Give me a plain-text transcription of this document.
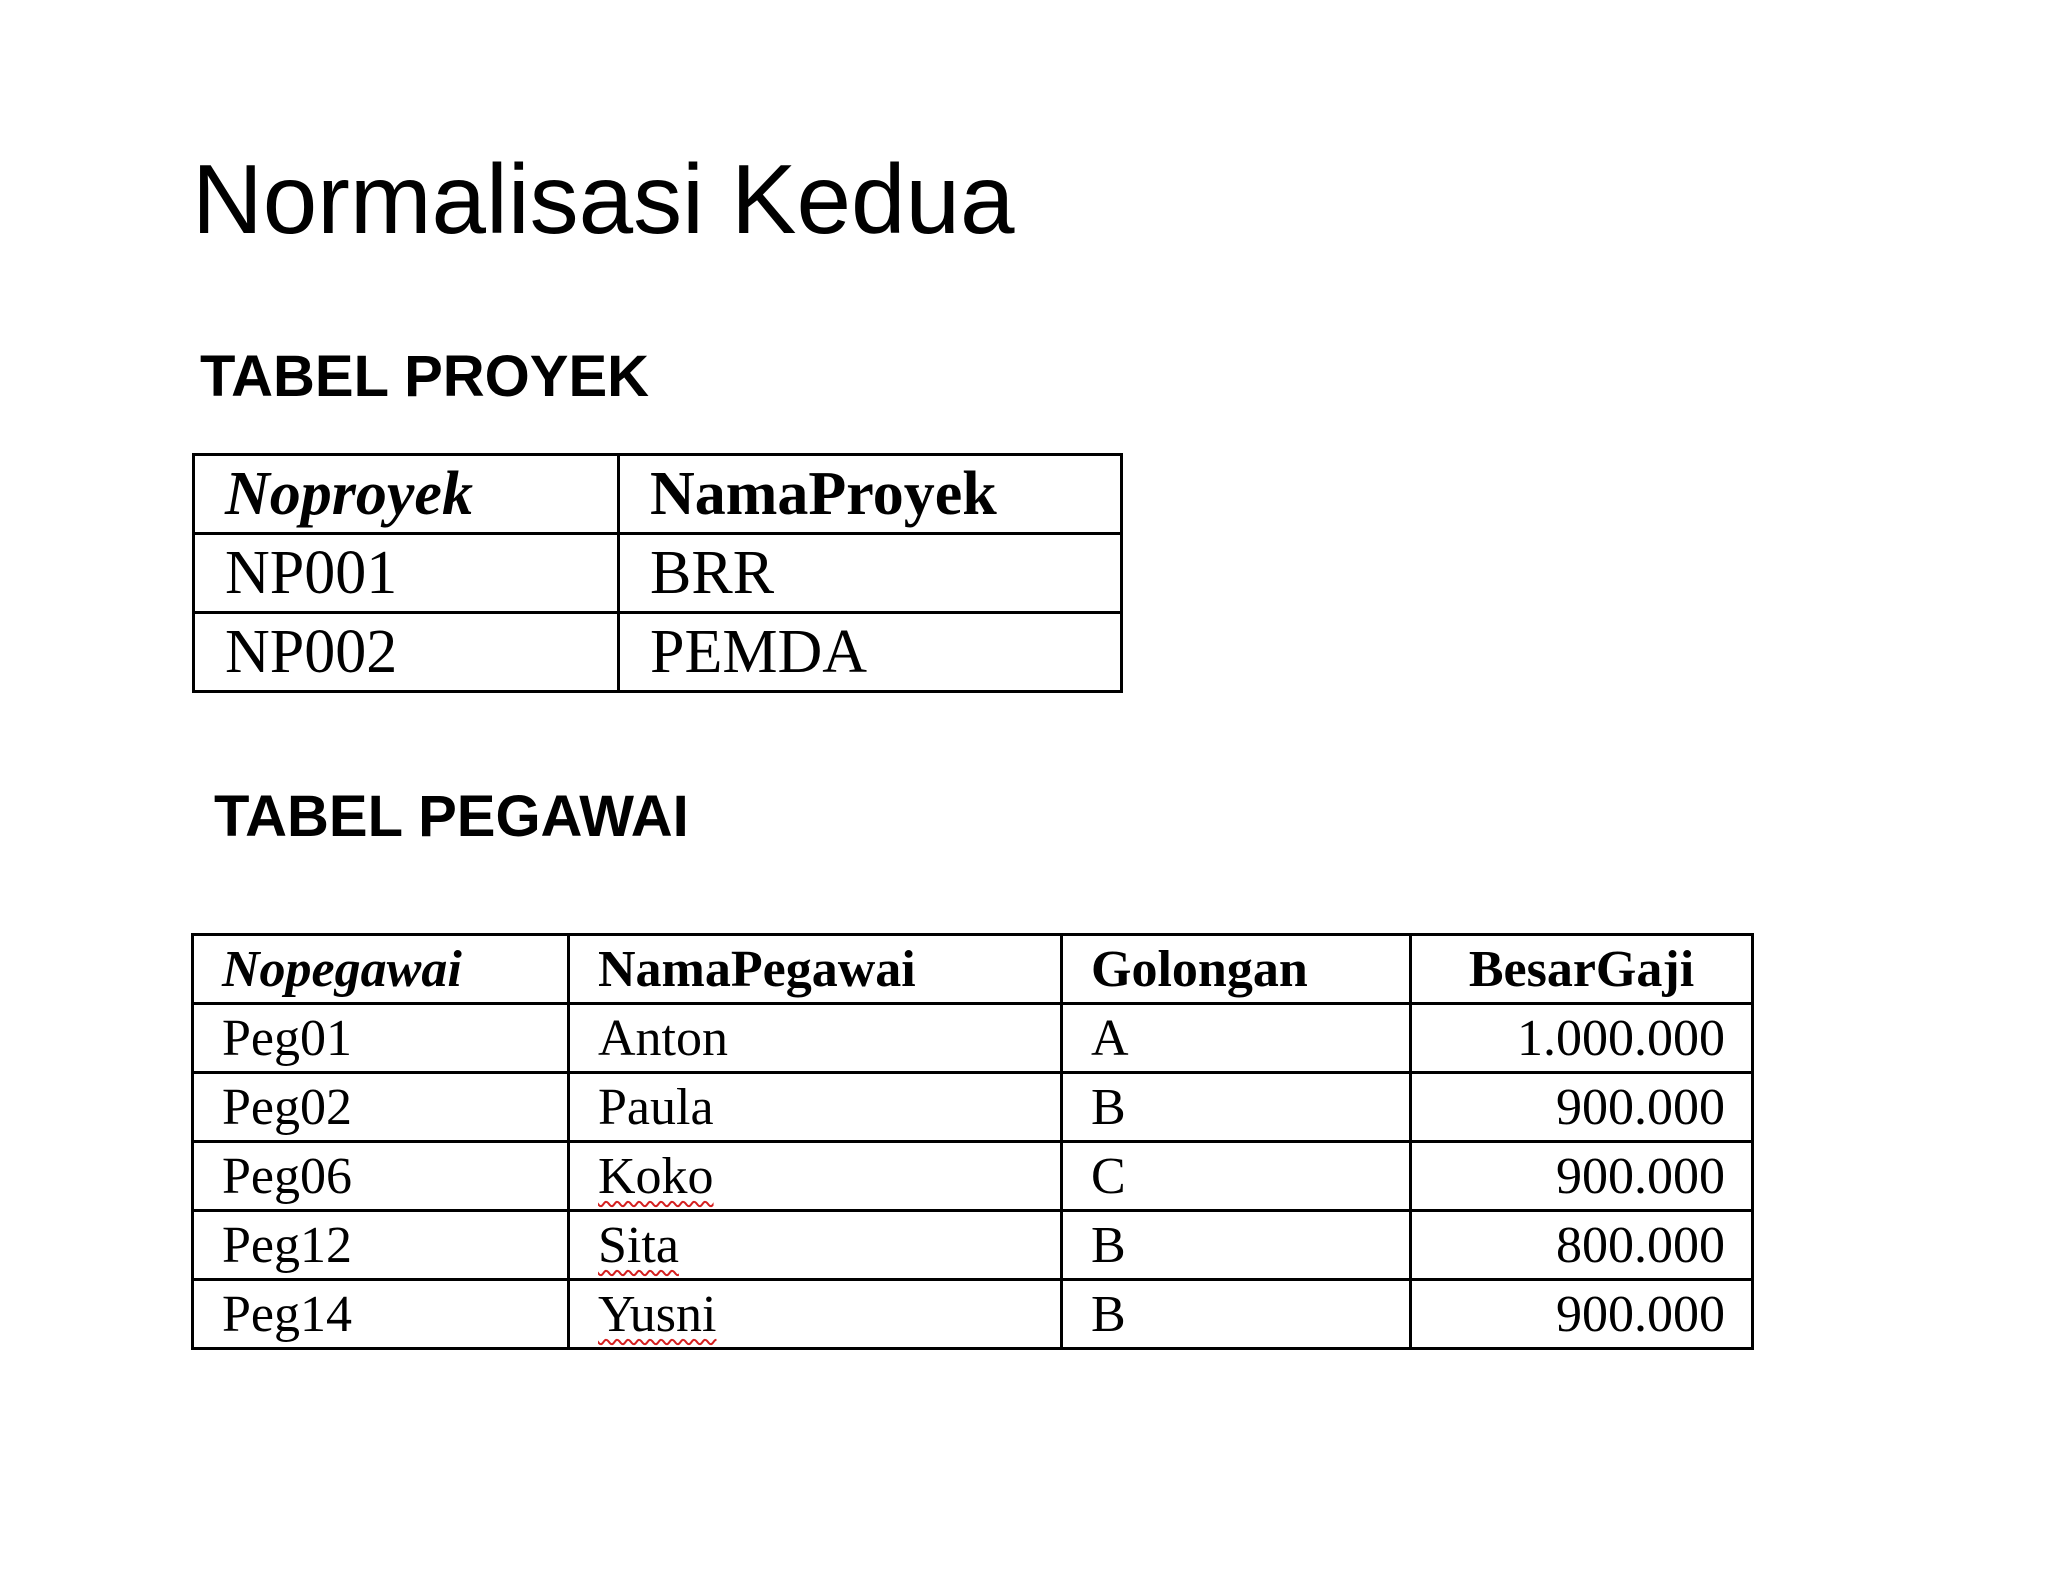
Normalisasi Kedua
TABEL PROYEK
Noproyek	NamaProyek
NP001	BRR
NP002	PEMDA
TABEL PEGAWAI
Nopegawai	NamaPegawai	Golongan	BesarGaji
Peg01	Anton	A	1.000.000
Peg02	Paula	B	900.000
Peg06	Koko	C	900.000
Peg12	Sita	B	800.000
Peg14	Yusni	B	900.000
